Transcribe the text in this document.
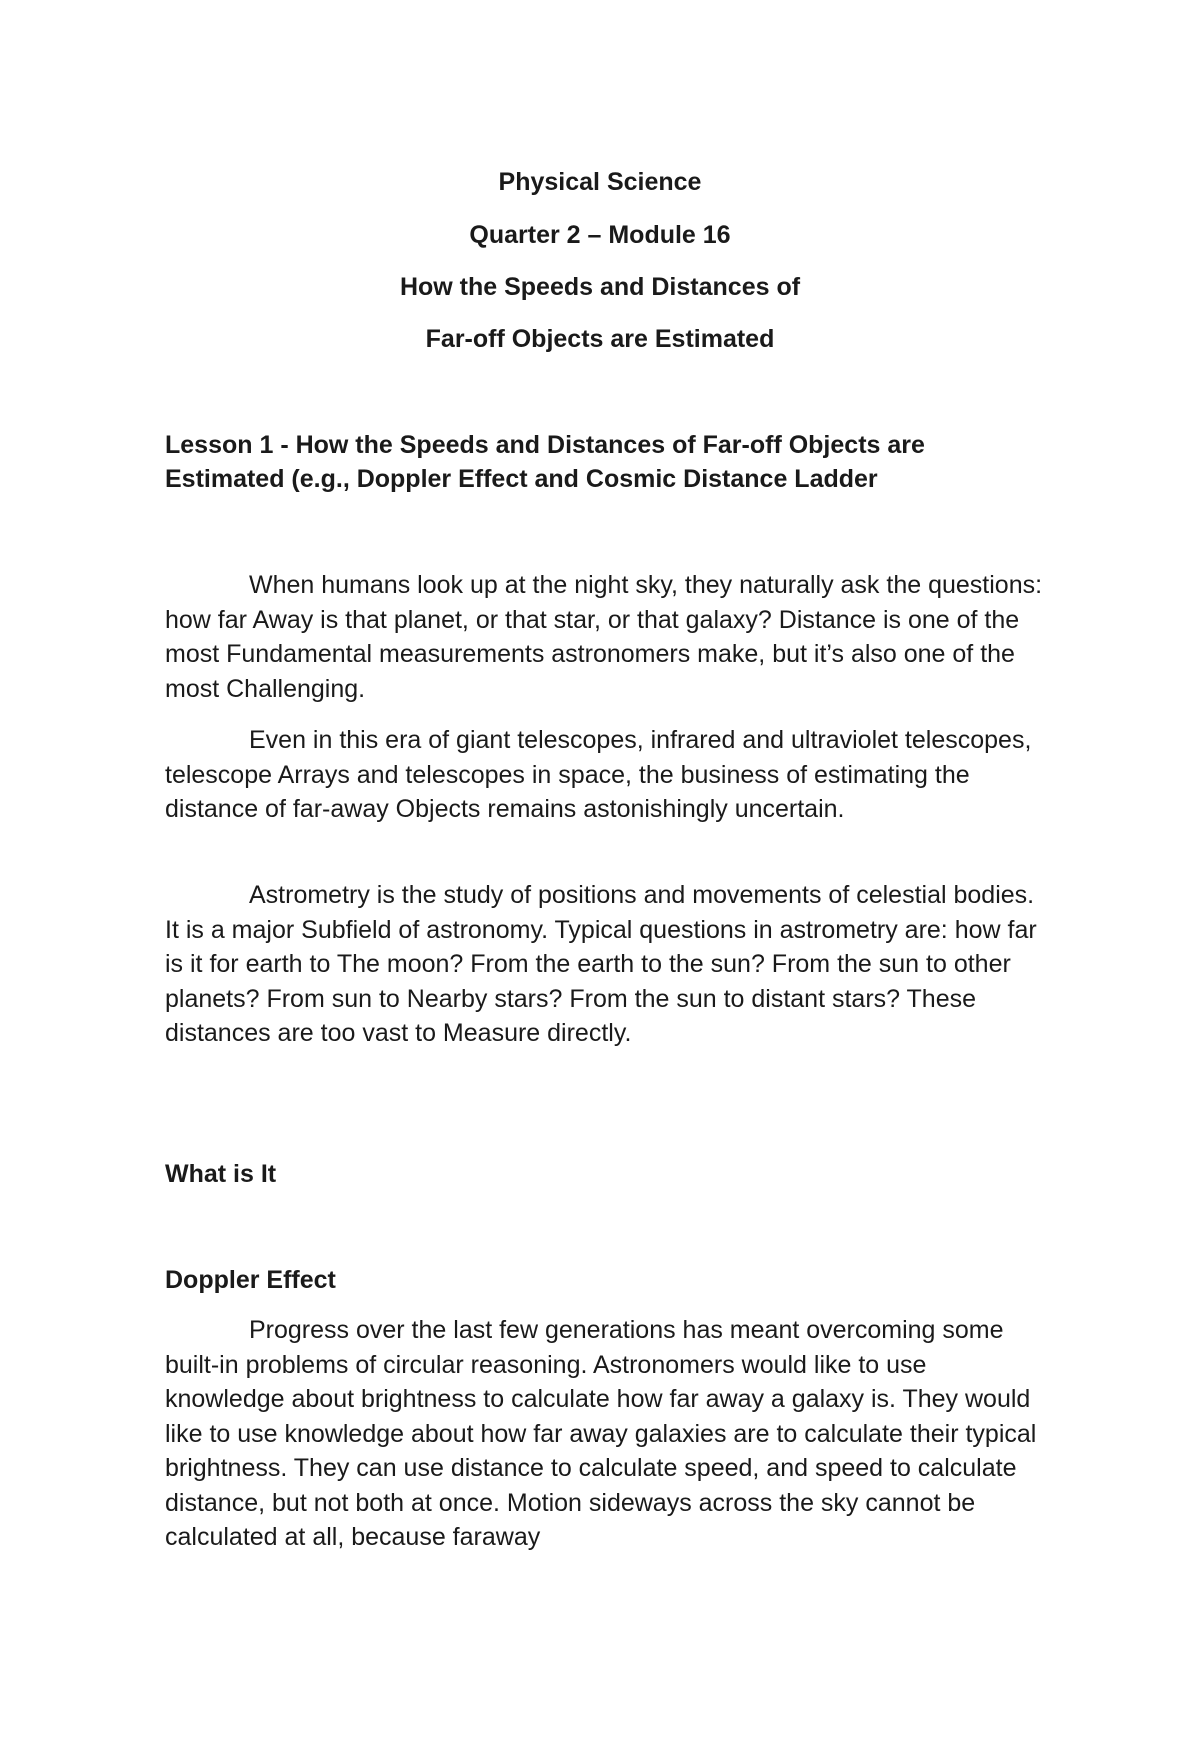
Physical Science

Quarter 2 – Module 16

How the Speeds and Distances of

Far-off Objects are Estimated

Lesson 1 - How the Speeds and Distances of Far-off Objects are Estimated (e.g., Doppler Effect and Cosmic Distance Ladder

When humans look up at the night sky, they naturally ask the questions: how far Away is that planet, or that star, or that galaxy? Distance is one of the most Fundamental measurements astronomers make, but it’s also one of the most Challenging.

Even in this era of giant telescopes, infrared and ultraviolet telescopes, telescope Arrays and telescopes in space, the business of estimating the distance of far-away Objects remains astonishingly uncertain.

Astrometry is the study of positions and movements of celestial bodies. It is a major Subfield of astronomy. Typical questions in astrometry are: how far is it for earth to The moon? From the earth to the sun? From the sun to other planets? From sun to Nearby stars? From the sun to distant stars? These distances are too vast to Measure directly.

What is It

Doppler Effect

Progress over the last few generations has meant overcoming some built-in problems of circular reasoning. Astronomers would like to use knowledge about brightness to calculate how far away a galaxy is. They would like to use knowledge about how far away galaxies are to calculate their typical brightness. They can use distance to calculate speed, and speed to calculate distance, but not both at once. Motion sideways across the sky cannot be calculated at all, because faraway
